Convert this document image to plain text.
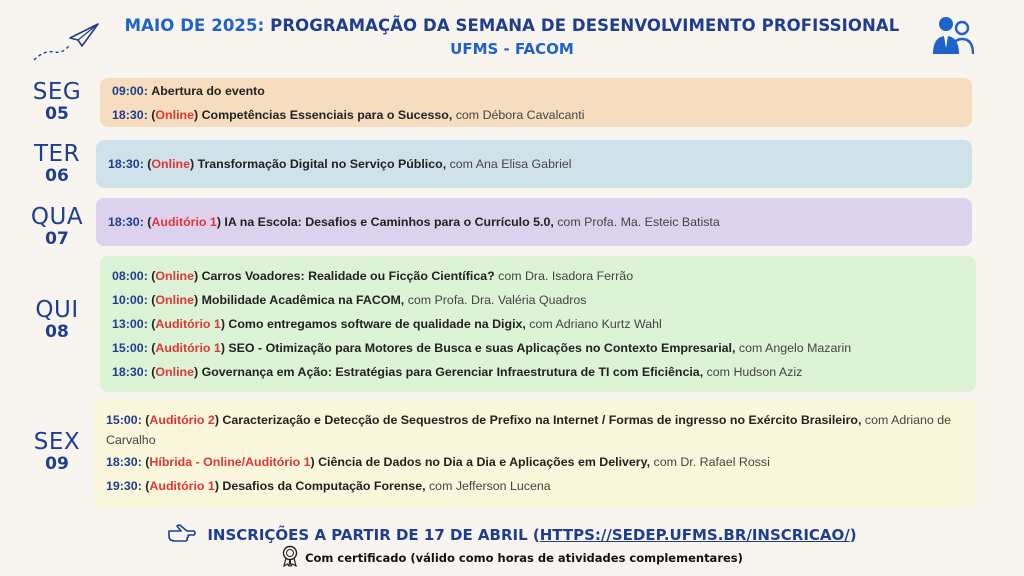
MAIO DE 2025: PROGRAMAÇÃO DA SEMANA DE DESENVOLVIMENTO PROFISSIONAL
UFMS - FACOM
SEG
05
09:00: Abertura do evento
18:30: (Online) Competências Essenciais para o Sucesso, com Débora Cavalcanti
TER
06
18:30: (Online) Transformação Digital no Serviço Público, com Ana Elisa Gabriel
QUA
07
18:30: (Auditório 1) IA na Escola: Desafios e Caminhos para o Currículo 5.0, com Profa. Ma. Esteic Batista
QUI
08
08:00: (Online) Carros Voadores: Realidade ou Ficção Científica? com Dra. Isadora Ferrão
10:00: (Online) Mobilidade Acadêmica na FACOM, com Profa. Dra. Valéria Quadros
13:00: (Auditório 1) Como entregamos software de qualidade na Digix, com Adriano Kurtz Wahl
15:00: (Auditório 1) SEO - Otimização para Motores de Busca e suas Aplicações no Contexto Empresarial, com Angelo Mazarin
18:30: (Online) Governança em Ação: Estratégias para Gerenciar Infraestrutura de TI com Eficiência, com Hudson Aziz
SEX
09
15:00: (Auditório 2) Caracterização e Detecção de Sequestros de Prefixo na Internet / Formas de ingresso no Exército Brasileiro, com Adriano de Carvalho
18:30: (Híbrida - Online/Auditório 1) Ciência de Dados no Dia a Dia e Aplicações em Delivery, com Dr. Rafael Rossi
19:30: (Auditório 1) Desafios da Computação Forense, com Jefferson Lucena
INSCRIÇÕES A PARTIR DE 17 DE ABRIL (HTTPS://SEDEP.UFMS.BR/INSCRICAO/)
Com certificado (válido como horas de atividades complementares)
